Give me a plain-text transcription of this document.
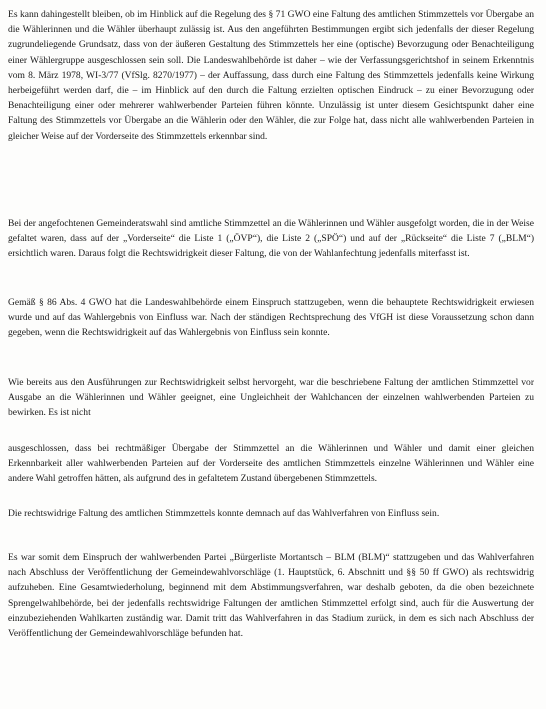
Es kann dahingestellt bleiben, ob im Hinblick auf die Regelung des § 71 GWO eine Faltung des amtlichen Stimmzettels vor Übergabe an die Wählerinnen und die Wähler überhaupt zulässig ist. Aus den angeführten Bestimmungen ergibt sich jedenfalls der dieser Regelung zugrundeliegende Grundsatz, dass von der äußeren Gestaltung des Stimmzettels her eine (optische) Bevorzugung oder Benachteiligung einer Wählergruppe ausgeschlossen sein soll. Die Landeswahlbehörde ist daher – wie der Verfassungsgerichtshof in seinem Erkenntnis vom 8. März 1978, WI-3/77 (VfSlg. 8270/1977) – der Auffassung, dass durch eine Faltung des Stimmzettels jedenfalls keine Wirkung herbeigeführt werden darf, die – im Hinblick auf den durch die Faltung erzielten optischen Eindruck – zu einer Bevorzugung oder Benachteiligung einer oder mehrerer wahlwerbender Parteien führen könnte. Unzulässig ist unter diesem Gesichtspunkt daher eine Faltung des Stimmzettels vor Übergabe an die Wählerin oder den Wähler, die zur Folge hat, dass nicht alle wahlwerbenden Parteien in gleicher Weise auf der Vorderseite des Stimmzettels erkennbar sind.

Bei der angefochtenen Gemeinderatswahl sind amtliche Stimmzettel an die Wählerinnen und Wähler ausgefolgt worden, die in der Weise gefaltet waren, dass auf der „Vorderseite“ die Liste 1 („ÖVP“), die Liste 2 („SPÖ“) und auf der „Rückseite“ die Liste 7 („BLM“) ersichtlich waren. Daraus folgt die Rechtswidrigkeit dieser Faltung, die von der Wahlanfechtung jedenfalls miterfasst ist.

Gemäß § 86 Abs. 4 GWO hat die Landeswahlbehörde einem Einspruch stattzugeben, wenn die behauptete Rechtswidrigkeit erwiesen wurde und auf das Wahlergebnis von Einfluss war. Nach der ständigen Rechtsprechung des VfGH ist diese Voraussetzung schon dann gegeben, wenn die Rechtswidrigkeit auf das Wahlergebnis von Einfluss sein konnte.

Wie bereits aus den Ausführungen zur Rechtswidrigkeit selbst hervorgeht, war die beschriebene Faltung der amtlichen Stimmzettel vor Ausgabe an die Wählerinnen und Wähler geeignet, eine Ungleichheit der Wahlchancen der einzelnen wahlwerbenden Parteien zu bewirken. Es ist nicht

ausgeschlossen, dass bei rechtmäßiger Übergabe der Stimmzettel an die Wählerinnen und Wähler und damit einer gleichen Erkennbarkeit aller wahlwerbenden Parteien auf der Vorderseite des amtlichen Stimmzettels einzelne Wählerinnen und Wähler eine andere Wahl getroffen hätten, als aufgrund des in gefaltetem Zustand übergebenen Stimmzettels.

Die rechtswidrige Faltung des amtlichen Stimmzettels konnte demnach auf das Wahlverfahren von Einfluss sein.

Es war somit dem Einspruch der wahlwerbenden Partei „Bürgerliste Mortantsch – BLM (BLM)“ stattzugeben und das Wahlverfahren nach Abschluss der Veröffentlichung der Gemeindewahlvorschläge (1. Hauptstück, 6. Abschnitt und §§ 50 ff GWO) als rechtswidrig aufzuheben. Eine Gesamtwiederholung, beginnend mit dem Abstimmungsverfahren, war deshalb geboten, da die oben bezeichnete Sprengelwahlbehörde, bei der jedenfalls rechtswidrige Faltungen der amtlichen Stimmzettel erfolgt sind, auch für die Auswertung der einzubeziehenden Wahlkarten zuständig war. Damit tritt das Wahlverfahren in das Stadium zurück, in dem es sich nach Abschluss der Veröffentlichung der Gemeindewahlvorschläge befunden hat.
